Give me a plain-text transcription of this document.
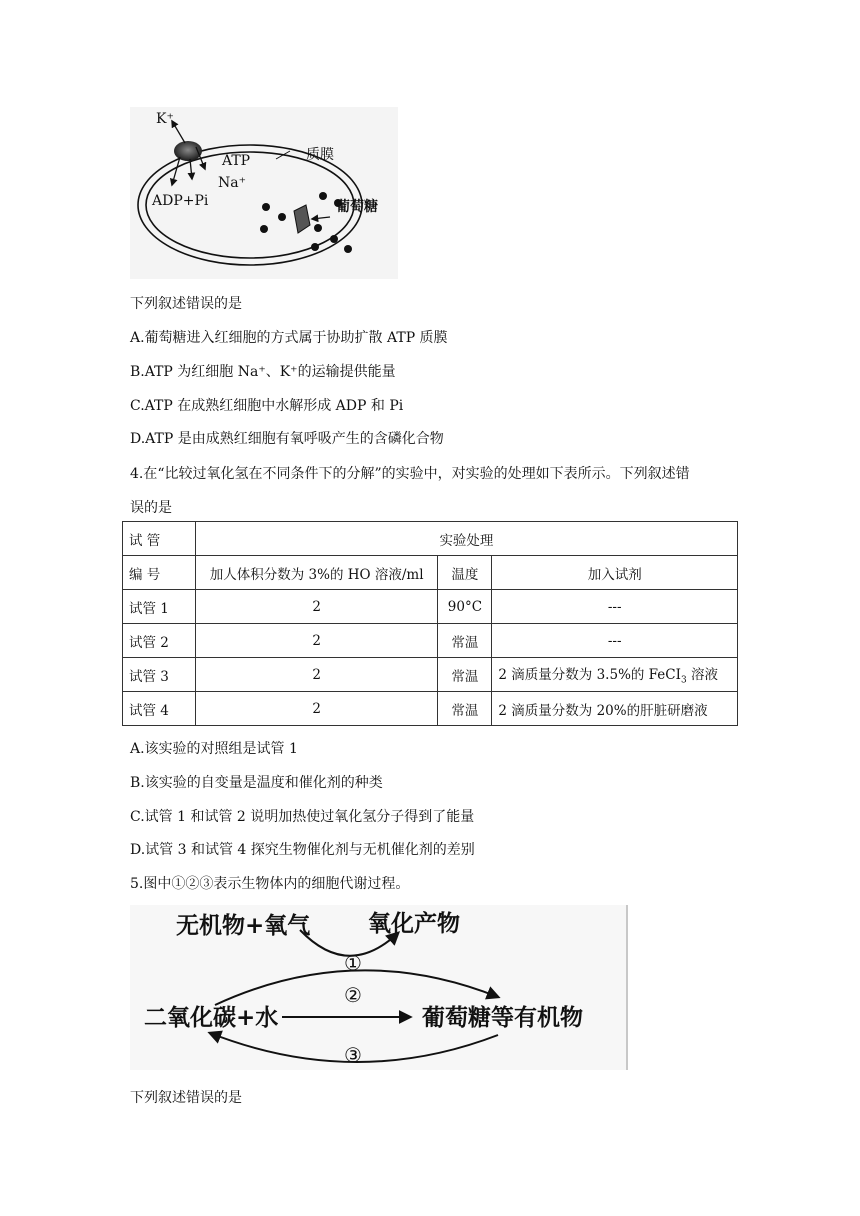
K⁺
ATP
Na⁺
ADP+Pi
质膜
葡萄糖
下列叙述错误的是
A.葡萄糖进入红细胞的方式属于协助扩散 ATP 质膜
B.ATP 为红细胞 Na⁺、K⁺的运输提供能量
C.ATP 在成熟红细胞中水解形成 ADP 和 Pi
D.ATP 是由成熟红细胞有氧呼吸产生的含磷化合物
4.在“比较过氧化氢在不同条件下的分解”的实验中，对实验的处理如下表所示。下列叙述错
误的是
试 管	实验处理		
编 号	加人体积分数为 3%的 HO 溶液/ml	温度	加入试剂
试管 1	2	90°C	---
试管 2	2	常温	---
试管 3	2	常温	2 滴质量分数为 3.5%的 FeCI$_3$ 溶液
试管 4	2	常温	2 滴质量分数为 20%的肝脏研磨液
A.该实验的对照组是试管 1
B.该实验的自变量是温度和催化剂的种类
C.试管 1 和试管 2 说明加热使过氧化氢分子得到了能量
D.试管 3 和试管 4 探究生物催化剂与无机催化剂的差别
5.图中①②③表示生物体内的细胞代谢过程。
无机物+氧气	氧化产物
二氧化碳+水	葡萄糖等有机物
①
②
③
下列叙述错误的是
